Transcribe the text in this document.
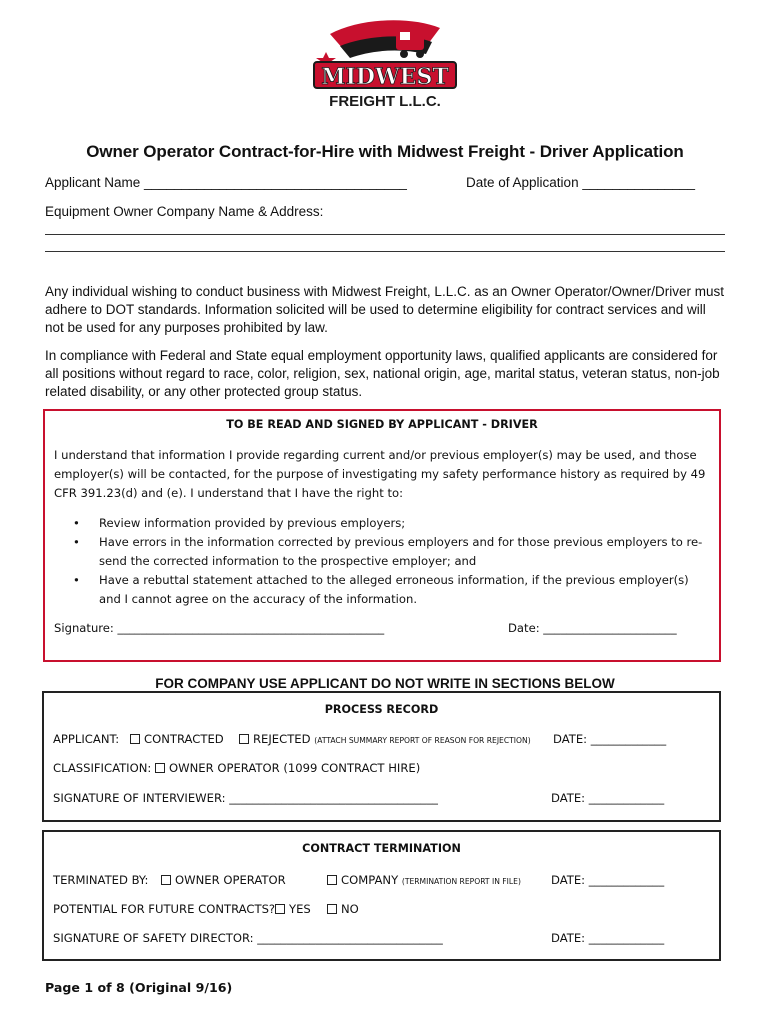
MIDWEST
FREIGHT L.L.C.
Owner Operator Contract-for-Hire with Midwest Freight - Driver Application
Applicant Name ___________________________________	Date of Application _______________
Equipment Owner Company Name & Address:
Any individual wishing to conduct business with Midwest Freight, L.L.C. as an Owner Operator/Owner/Driver must adhere to DOT standards. Information solicited will be used to determine eligibility for contract services and will not be used for any purposes prohibited by law.
In compliance with Federal and State equal employment opportunity laws, qualified applicants are considered for all positions without regard to race, color, religion, sex, national origin, age, marital status, veteran status, non-job related disability, or any other protected group status.
TO BE READ AND SIGNED BY APPLICANT - DRIVER
I understand that information I provide regarding current and/or previous employer(s) may be used, and those employer(s) will be contacted, for the purpose of investigating my safety performance history as required by 49 CFR 391.23(d) and (e). I understand that I have the right to:
• Review information provided by previous employers;
• Have errors in the information corrected by previous employers and for those previous employers to re-send the corrected information to the prospective employer; and
• Have a rebuttal statement attached to the alleged erroneous information, if the previous employer(s) and I cannot agree on the accuracy of the information.
Signature: ______________________________________________	Date: _______________________
FOR COMPANY USE APPLICANT DO NOT WRITE IN SECTIONS BELOW
PROCESS RECORD
APPLICANT:	CONTRACTED	REJECTED (ATTACH SUMMARY REPORT OF REASON FOR REJECTION) DATE: _____________
CLASSIFICATION:	OWNER OPERATOR (1099 CONTRACT HIRE)
SIGNATURE OF INTERVIEWER: ____________________________________	DATE: _____________
CONTRACT TERMINATION
TERMINATED BY:	OWNER OPERATOR	COMPANY (TERMINATION REPORT IN FILE)	DATE: _____________
POTENTIAL FOR FUTURE CONTRACTS?	YES	NO
SIGNATURE OF SAFETY DIRECTOR: ________________________________	DATE: _____________
Page 1 of 8 (Original 9/16)
